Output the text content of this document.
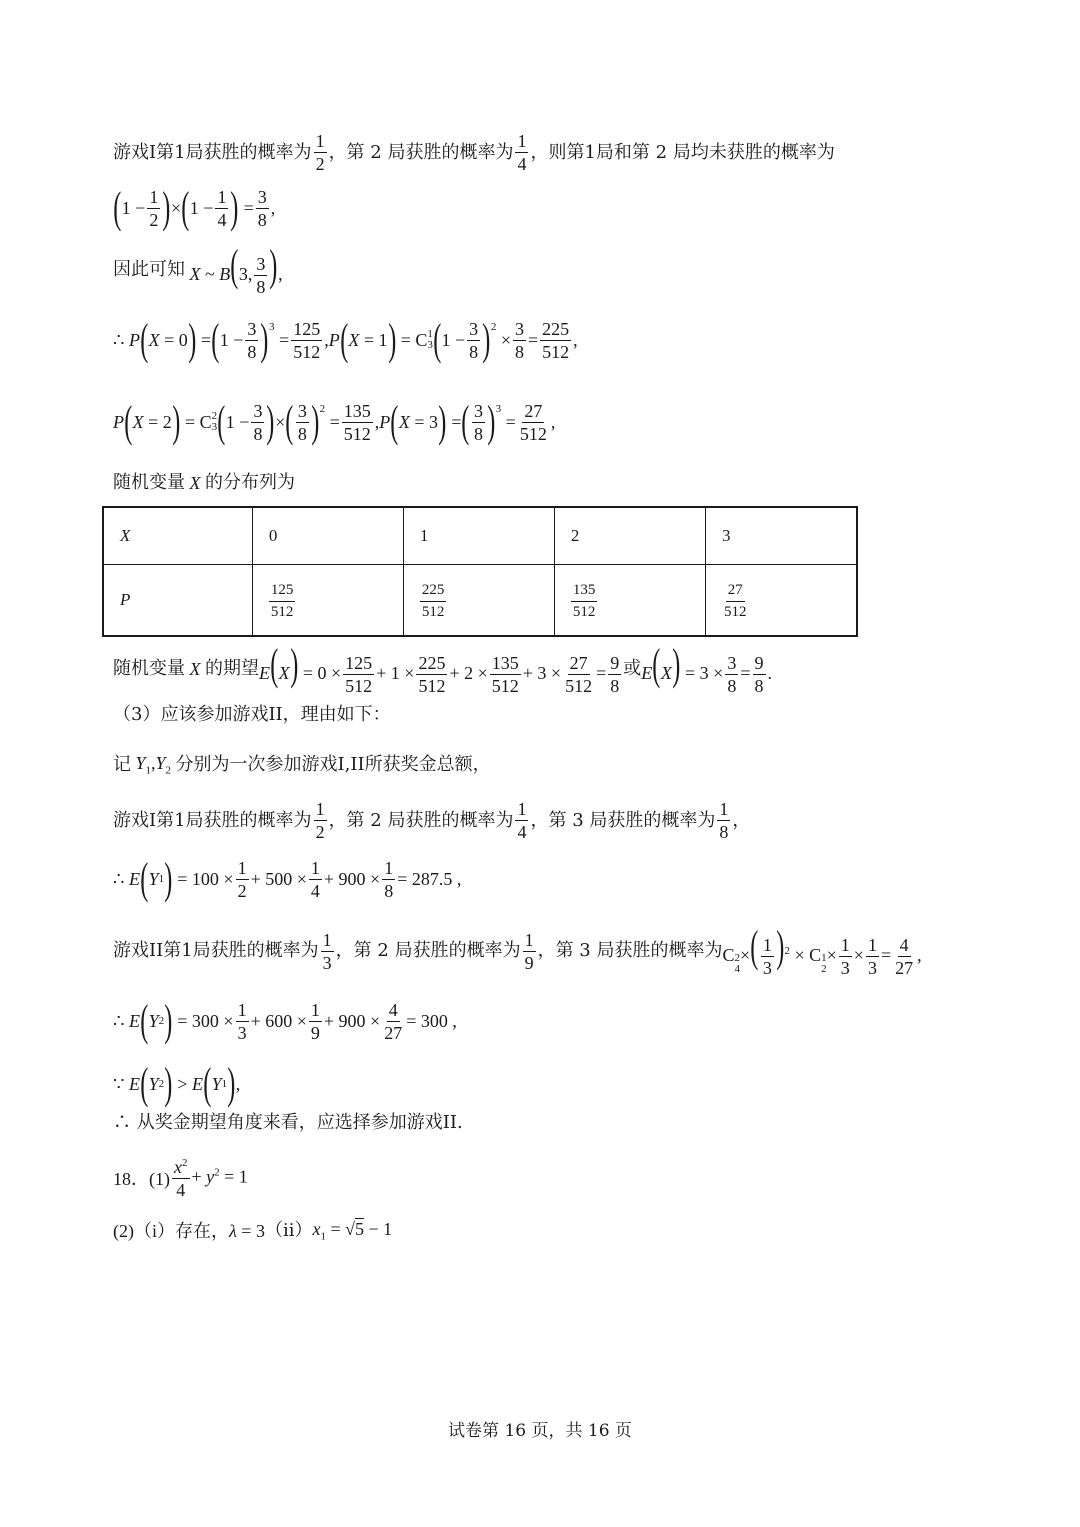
游戏I第1局获胜的概率为 $\frac{1}{2}$ ，第 2 局获胜的概率为 $\frac{1}{4}$ ，则第1局和第 2 局均未获胜的概率为
( $1 - \frac{1}{2}$ ) × ( $1 - \frac{1}{4}$ ) = $\frac{3}{8}$ ,
因此可知 X ~ B(3, $\frac{3}{8}$ ),
∴ P ( X = 0 ) = ( $1 - \frac{3}{8} )^3$
= $\frac{125}{512}$ , P ( X = 1 ) = C 1
3 ( $1 - \frac{3}{8} )^2$
× $\frac{3}{8} = \frac{225}{512}$ ,
P ( X = 2 ) = C 2
3 ( $1 - \frac{3}{8}$ ) × ( $\frac{3}{8} )^2$
= $\frac{135}{512}$ , P ( X = 3 ) = ( $\frac{3}{8} )^3$
= $\frac{27}{512}$ ,
随机变量 X 的分布列为
X	0	1	2	3
P	$\frac{125}{512}$	$\frac{225}{512}$	$\frac{135}{512}$	$\frac{27}{512}$
随机变量 X 的期望 $E(X) = 0 \times \frac{125}{512} + 1 \times \frac{225}{512} + 2 \times \frac{135}{512} + 3 \times \frac{27}{512} = \frac{9}{8}$ 或 $E(X) = 3 \times \frac{3}{8} = \frac{9}{8}$ .
（3）应该参加游戏II，理由如下：
记 $Y_1,Y_2$ 分别为一次参加游戏I,II所获奖金总额，
游戏I第1局获胜的概率为 $\frac{1}{2}$ ，第 2 局获胜的概率为 $\frac{1}{4}$ ，第 3 局获胜的概率为 $\frac{1}{8}$ ，
∴ E ( Y 1 ) = $100 \times \frac{1}{2} + 500 \times \frac{1}{4} + 900 \times \frac{1}{8} = 287.5$ ,
游戏II第1局获胜的概率为 $\frac{1}{3}$ ，第 2 局获胜的概率为 $\frac{1}{9}$ ，第 3 局获胜的概率为 C 2
4
×( $\frac{1}{3} )^2 \times C$ 1
2
× $\frac{1}{3} \times \frac{1}{3} = \frac{4}{27}$ ,
∴ E ( Y 2 ) = $300 \times \frac{1}{3} + 600 \times \frac{1}{9} + 900 \times \frac{4}{27} = 300$ ,
∵ E ( Y 2 ) > E ( Y 1 ) ,
∴ 从奖金期望角度来看，应选择参加游戏II.
18．$(1) \frac{x^2}{4} + y^2 = 1$
(2)（i）存在， λ = 3 （ii） $x_1 = √5 - 1$
试卷第 16 页，共 16 页
